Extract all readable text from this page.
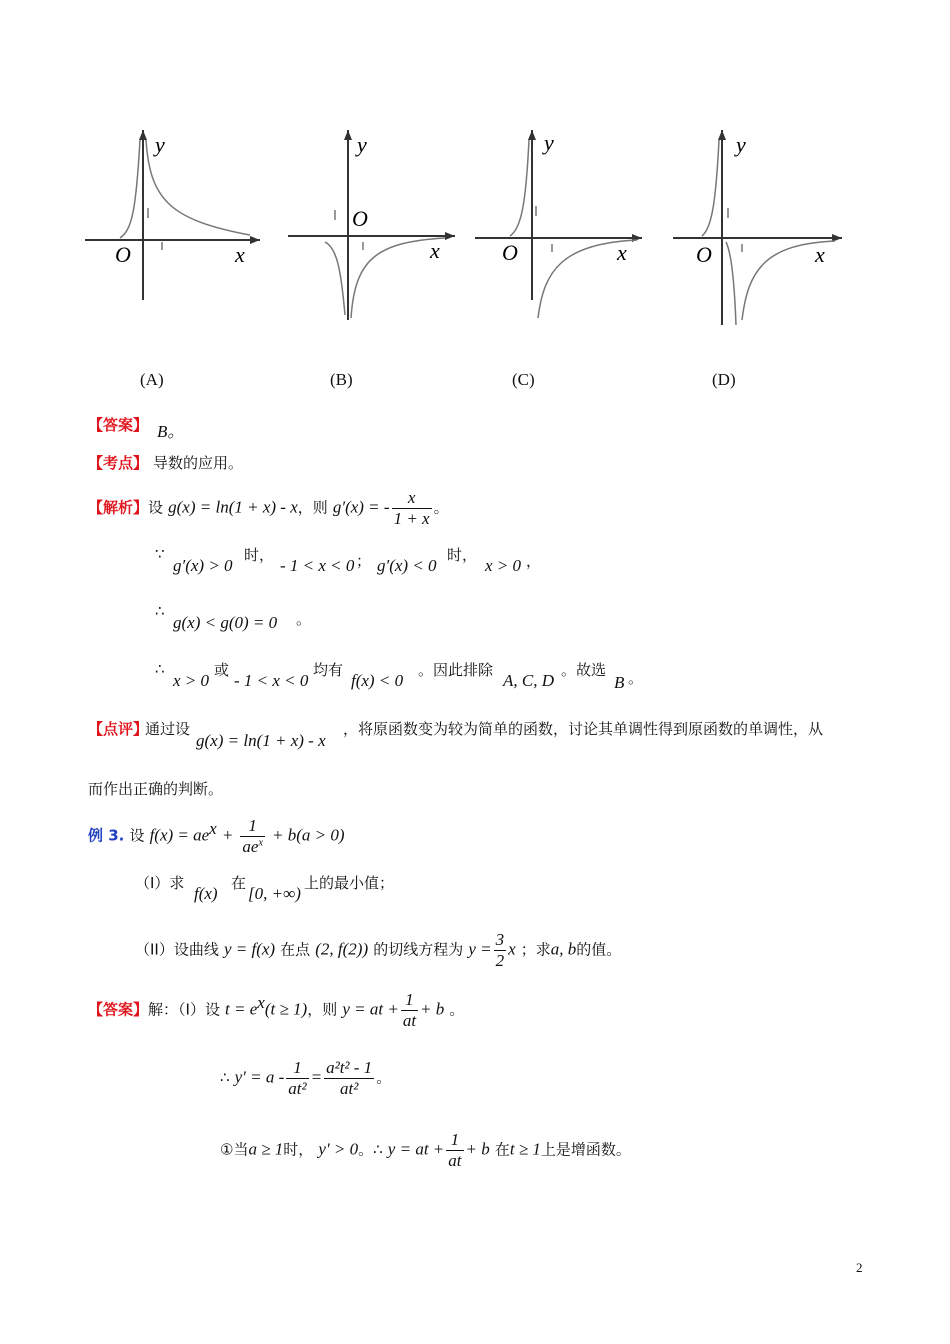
y
O	x
y
O
x
y
O	x
y
O	x
(A)	(B)	(C)	(D)
【答案】 B。
【考点】 导数的应用。
【解析】设 g(x) = ln(1 + x) - x，则 g′(x) = - $\frac{x}{1 + x}$ 。
∵
g′(x) > 0
时，
- 1 < x < 0 ； g′(x) < 0
时，
x > 0 ，
∴
g(x) < g(0) = 0 。
∴
x > 0
或
- 1 < x < 0
均有
f(x) < 0
。因此排除
A, C, D
。故选
B 。
【点评】
通过设
g(x) = ln(1 + x) - x
，将原函数变为较为简单的函数，讨论其单调性得到原函数的单调性，从
而作出正确的判断。
例 3. 设 $f(x) = ae^x + \frac{1}{ae^x} + b(a > 0)$
（I）求
f(x)
在
[0, +∞)
上的最小值；
（II）设曲线 y = f(x) 在点 (2, f(2)) 的切线方程为 $y = \frac{3}{2}$ x ；求a, b的值。
【答案】解：（I）设 $t = e^x(t \ge 1)$，则 y = at + $\frac{1}{at} + b$ 。
∴ $y' = a - \frac{1}{\text{at²}} = \frac{\text{a²t² - 1}}{\text{at²}}$ 。
①当a ≥ 1时， y′ > 0。∴ y = at + $\frac{1}{at} + b$ 在t ≥ 1上是增函数。
2
